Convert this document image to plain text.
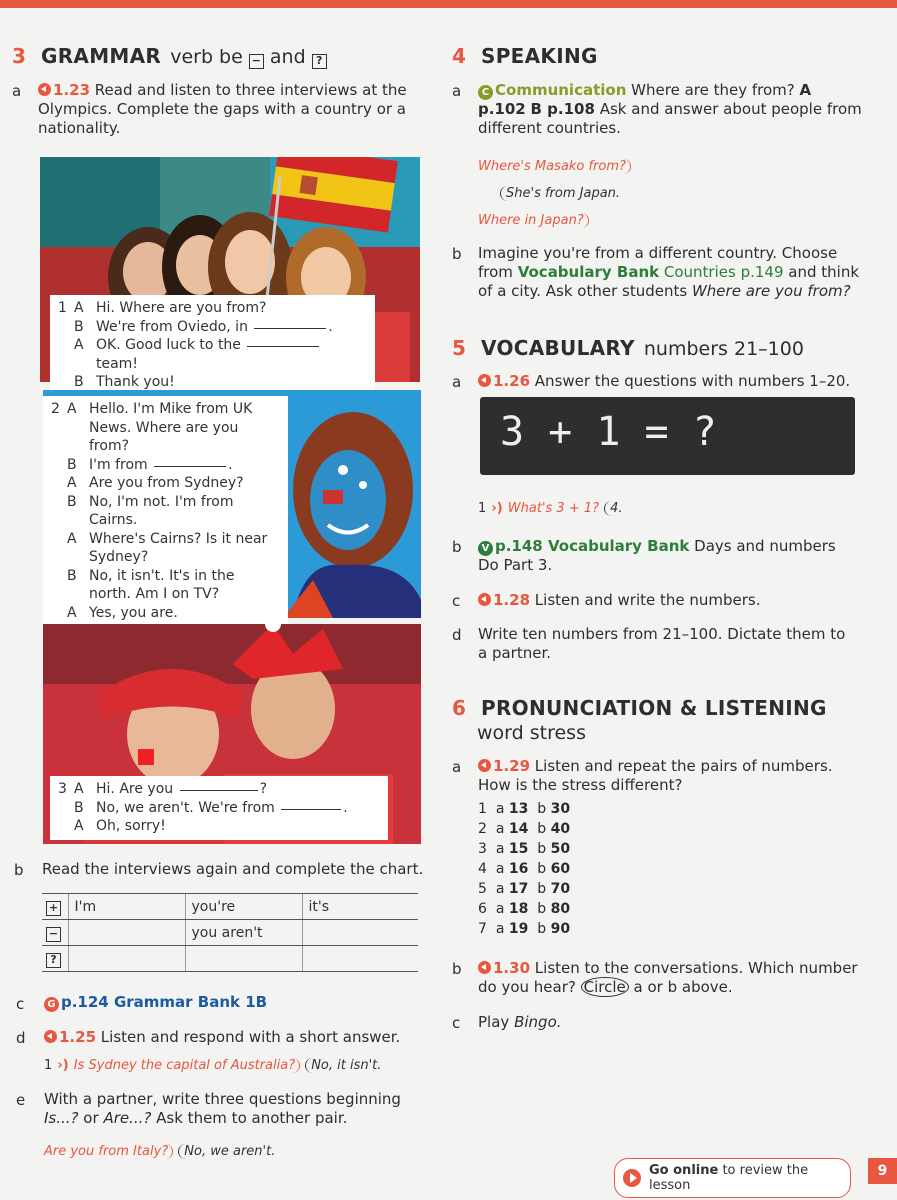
3 GRAMMAR verb be − and ?
a	1.23 Read and listen to three interviews at the Olympics. Complete the gaps with a country or a nationality.
1 A Hi. Where are you from?
B We're from Oviedo, in	.
A OK. Good luck to the  team!
B Thank you!
2 A Hello. I'm Mike from UK News. Where are you from?
B I'm from	.
A Are you from Sydney?
B No, I'm not. I'm from Cairns.
A Where's Cairns? Is it near Sydney?
B No, it isn't. It's in the north. Am I on TV?
A Yes, you are.
3 A Hi. Are you	?
B No, we aren't. We're from	.
A Oh, sorry!
b Read the interviews again and complete the chart.
+	I'm	you're	it's
−		you aren't	
?			
c	G p.124 Grammar Bank 1B
d	1.25 Listen and respond with a short answer.
1 ›) Is Sydney the capital of Australia? No, it isn't.
e With a partner, write three questions beginning Is...? or Are...? Ask them to another pair.
Are you from Italy? No, we aren't.
4 SPEAKING
a	C Communication Where are they from? A p.102 B p.108 Ask and answer about people from different countries.
Where's Masako from?
She's from Japan.
Where in Japan?
b Imagine you're from a different country. Choose from Vocabulary Bank Countries p.149 and think of a city. Ask other students Where are you from?
5 VOCABULARY numbers 21–100
a	1.26 Answer the questions with numbers 1–20.
3 + 1 = ?
1 ›) What's 3 + 1? 4.
b	V p.148 Vocabulary Bank Days and numbers
Do Part 3.
c	1.28 Listen and write the numbers.
d Write ten numbers from 21–100. Dictate them to a partner.
6 PRONUNCIATION & LISTENING
word stress
a	1.29 Listen and repeat the pairs of numbers. How is the stress different?
1  a 13  b 30
2  a 14  b 40
3  a 15  b 50
4  a 16  b 60
5  a 17  b 70
6  a 18  b 80
7  a 19  b 90
b	1.30 Listen to the conversations. Which number do you hear? Circle a or b above.
c Play Bingo.
Go online to review the lesson
9
